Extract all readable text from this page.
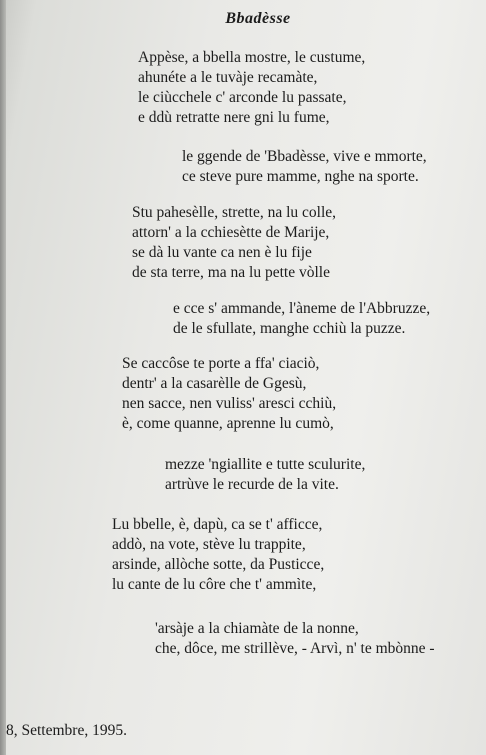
Bbadèsse
Appèse, a bbella mostre, le custume,
ahunéte a le tuvàje recamàte,
le ciùcchele c' arconde lu passate,
e ddù retratte nere gni lu fume,
le ggende de 'Bbadèsse, vive e mmorte,
ce steve pure mamme, nghe na sporte.
Stu pahesèlle, strette, na lu colle,
attorn' a la cchiesètte de Marije,
se dà lu vante ca nen è lu fije
de sta terre, ma na lu pette vòlle
e cce s' ammande, l'àneme de l'Abbruzze,
de le sfullate, manghe cchiù la puzze.
Se caccôse te porte a ffa' ciaciò,
dentr' a la casarèlle de Ggesù,
nen sacce, nen vuliss' aresci cchiù,
è, come quanne, aprenne lu cumò,
mezze 'ngiallite e tutte sculurite,
artrùve le recurde de la vite.
Lu bbelle, è, dapù, ca se t' afficce,
addò, na vote, stève lu trappite,
arsinde, allòche sotte, da Pusticce,
lu cante de lu côre che t' ammìte,
'arsàje a la chiamàte de la nonne,
che, dôce, me strillève, - Arvì, n' te mbònne -
8, Settembre, 1995.
